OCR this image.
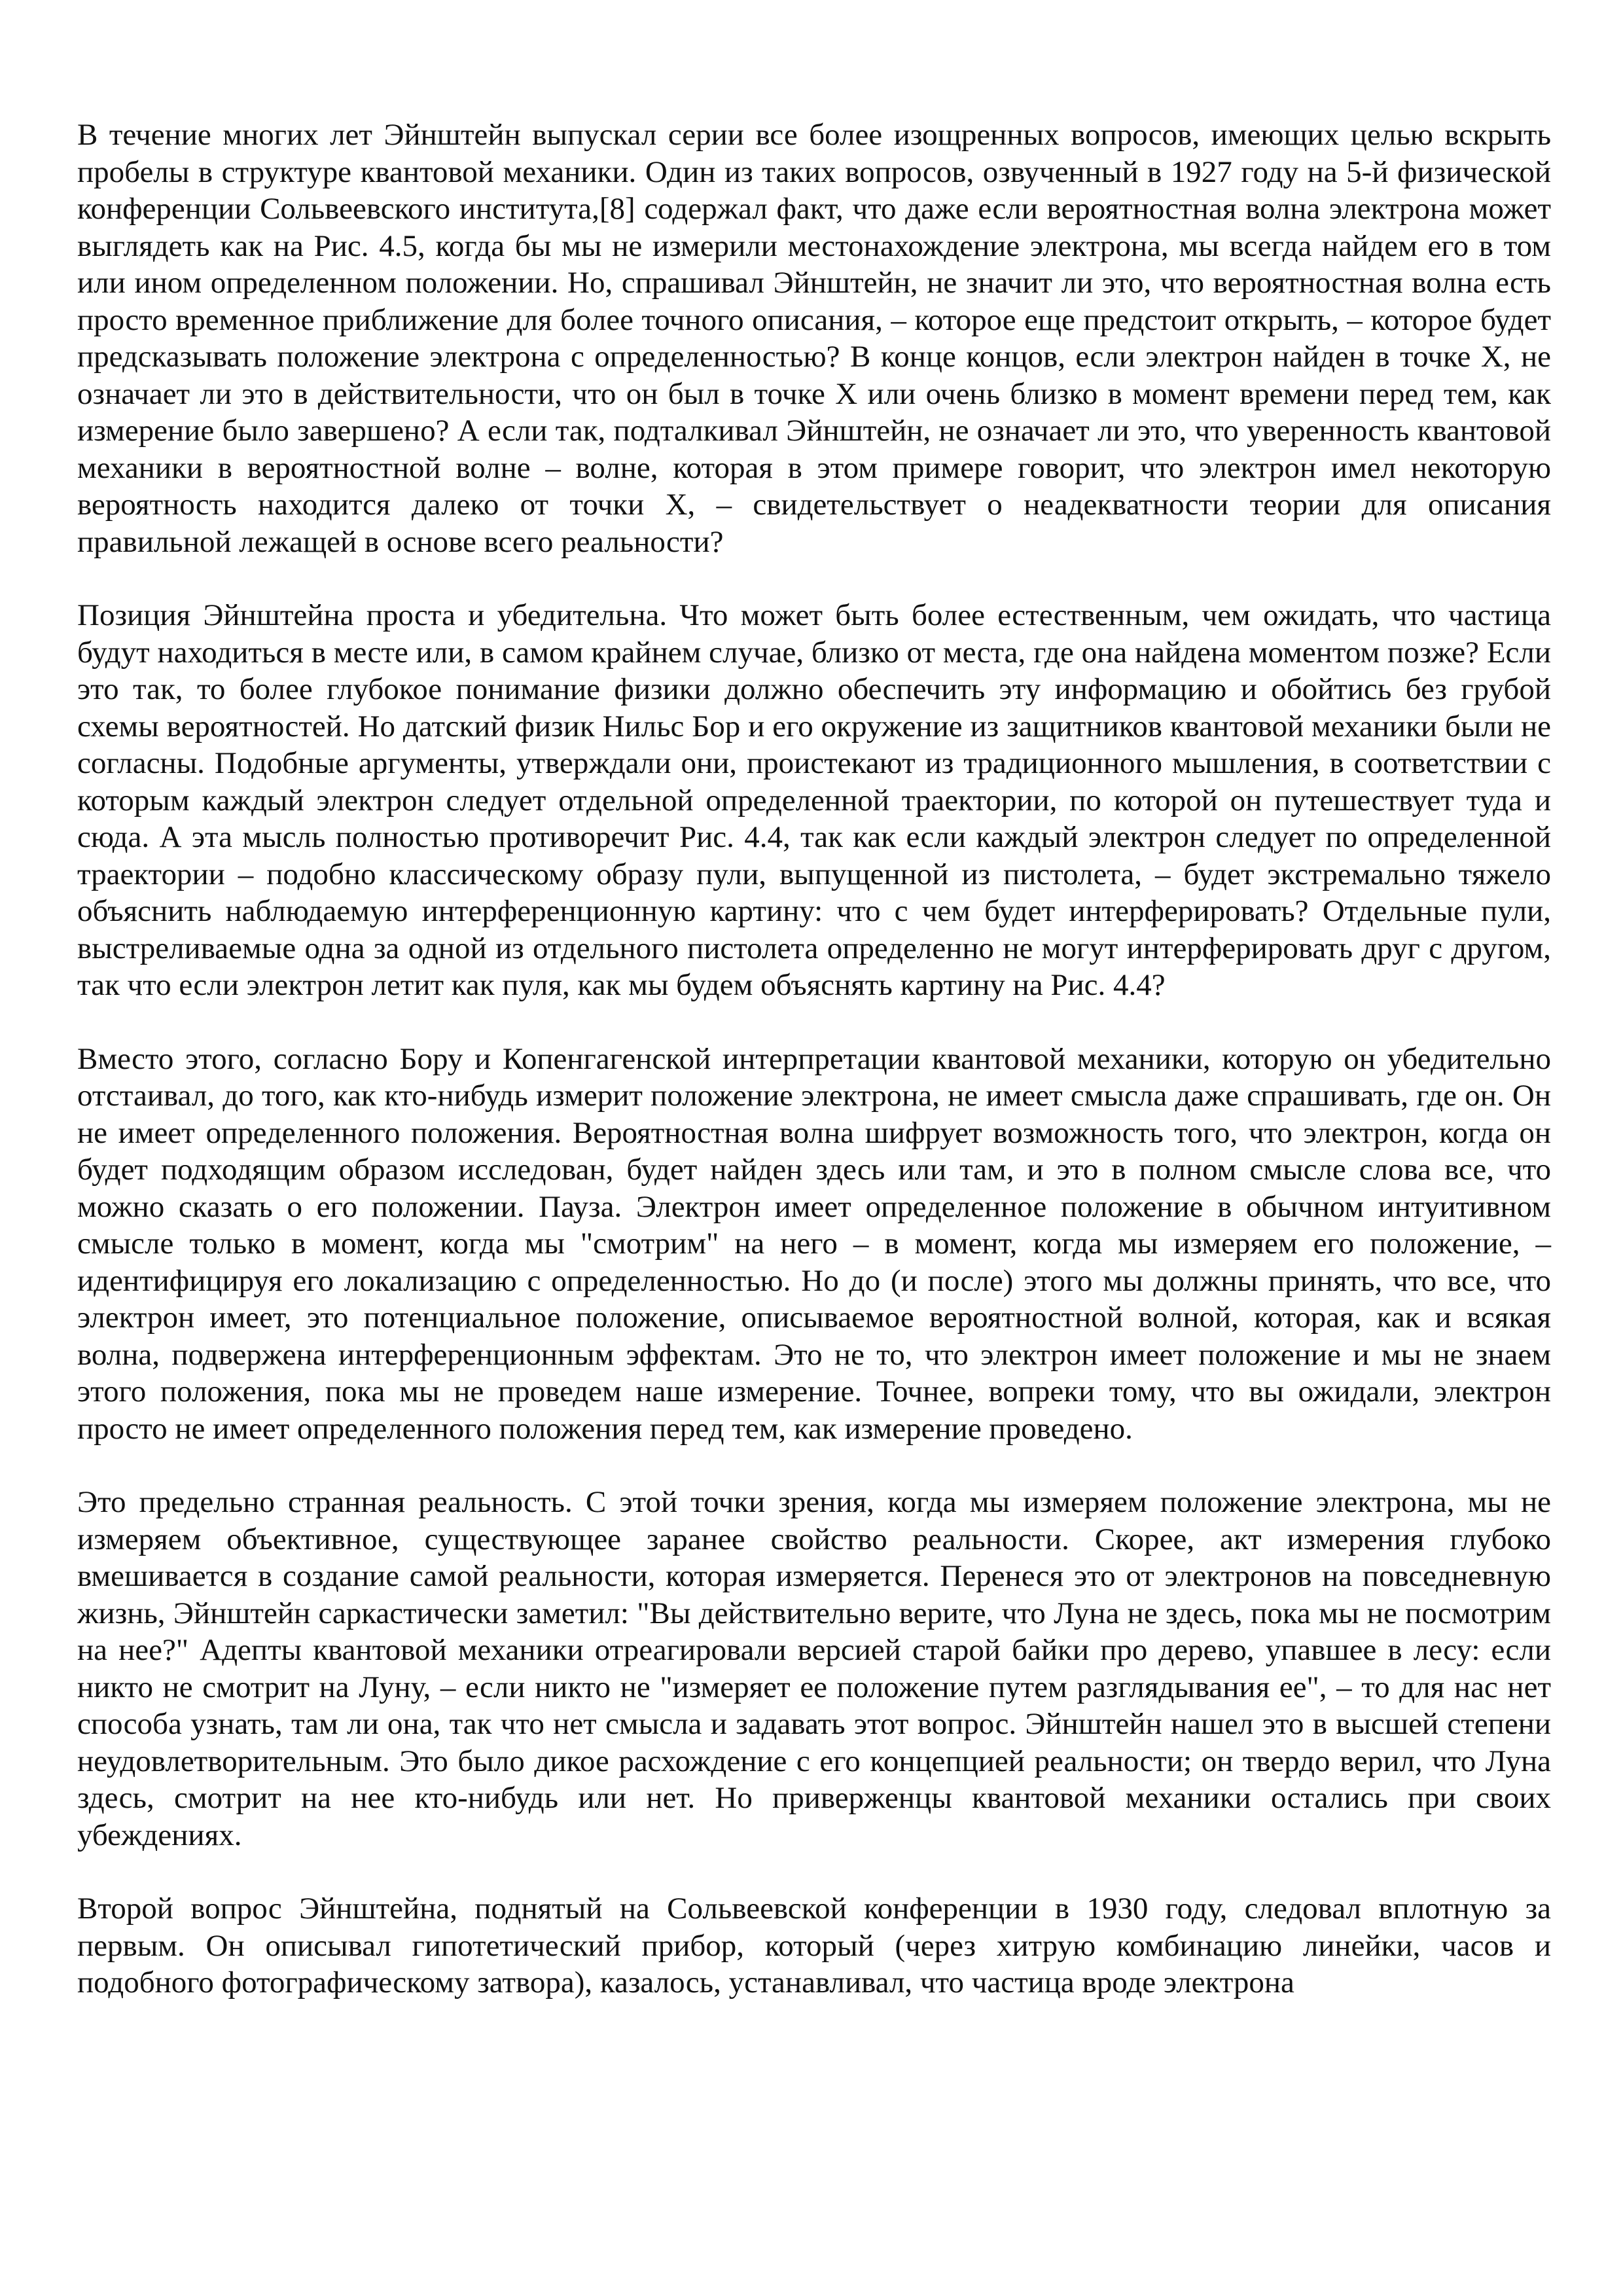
В течение многих лет Эйнштейн выпускал серии все более изощренных вопросов, имеющих целью вскрыть пробелы в структуре квантовой механики. Один из таких вопросов, озвученный в 1927 году на 5-й физической конференции Сольвеевского института,[8] содержал факт, что даже если вероятностная волна электрона может выглядеть как на Рис. 4.5, когда бы мы не измерили местонахождение электрона, мы всегда найдем его в том или ином определенном положении. Но, спрашивал Эйнштейн, не значит ли это, что вероятностная волна есть просто временное приближение для более точного описания, – которое еще предстоит открыть, – которое будет предсказывать положение электрона с определенностью? В конце концов, если электрон найден в точке X, не означает ли это в действительности, что он был в точке X или очень близко в момент времени перед тем, как измерение было завершено? А если так, подталкивал Эйнштейн, не означает ли это, что уверенность квантовой механики в вероятностной волне – волне, которая в этом примере говорит, что электрон имел некоторую вероятность находится далеко от точки X, – свидетельствует о неадекватности теории для описания правильной лежащей в основе всего реальности?

Позиция Эйнштейна проста и убедительна. Что может быть более естественным, чем ожидать, что частица будут находиться в месте или, в самом крайнем случае, близко от места, где она найдена моментом позже? Если это так, то более глубокое понимание физики должно обеспечить эту информацию и обойтись без грубой схемы вероятностей. Но датский физик Нильс Бор и его окружение из защитников квантовой механики были не согласны. Подобные аргументы, утверждали они, проистекают из традиционного мышления, в соответствии с которым каждый электрон следует отдельной определенной траектории, по которой он путешествует туда и сюда. А эта мысль полностью противоречит Рис. 4.4, так как если каждый электрон следует по определенной траектории – подобно классическому образу пули, выпущенной из пистолета, – будет экстремально тяжело объяснить наблюдаемую интерференционную картину: что с чем будет интерферировать? Отдельные пули, выстреливаемые одна за одной из отдельного пистолета определенно не могут интерферировать друг с другом, так что если электрон летит как пуля, как мы будем объяснять картину на Рис. 4.4?

Вместо этого, согласно Бору и Копенгагенской интерпретации квантовой механики, которую он убедительно отстаивал, до того, как кто-нибудь измерит положение электрона, не имеет смысла даже спрашивать, где он. Он не имеет определенного положения. Вероятностная волна шифрует возможность того, что электрон, когда он будет подходящим образом исследован, будет найден здесь или там, и это в полном смысле слова все, что можно сказать о его положении. Пауза. Электрон имеет определенное положение в обычном интуитивном смысле только в момент, когда мы "смотрим" на него – в момент, когда мы измеряем его положение, – идентифицируя его локализацию с определенностью. Но до (и после) этого мы должны принять, что все, что электрон имеет, это потенциальное положение, описываемое вероятностной волной, которая, как и всякая волна, подвержена интерференционным эффектам. Это не то, что электрон имеет положение и мы не знаем этого положения, пока мы не проведем наше измерение. Точнее, вопреки тому, что вы ожидали, электрон просто не имеет определенного положения перед тем, как измерение проведено.

Это предельно странная реальность. С этой точки зрения, когда мы измеряем положение электрона, мы не измеряем объективное, существующее заранее свойство реальности. Скорее, акт измерения глубоко вмешивается в создание самой реальности, которая измеряется. Перенеся это от электронов на повседневную жизнь, Эйнштейн саркастически заметил: "Вы действительно верите, что Луна не здесь, пока мы не посмотрим на нее?" Адепты квантовой механики отреагировали версией старой байки про дерево, упавшее в лесу: если никто не смотрит на Луну, – если никто не "измеряет ее положение путем разглядывания ее", – то для нас нет способа узнать, там ли она, так что нет смысла и задавать этот вопрос. Эйнштейн нашел это в высшей степени неудовлетворительным. Это было дикое расхождение с его концепцией реальности; он твердо верил, что Луна здесь, смотрит на нее кто-нибудь или нет. Но приверженцы квантовой механики остались при своих убеждениях.

Второй вопрос Эйнштейна, поднятый на Сольвеевской конференции в 1930 году, следовал вплотную за первым. Он описывал гипотетический прибор, который (через хитрую комбинацию линейки, часов и подобного фотографическому затвора), казалось, устанавливал, что частица вроде электрона
